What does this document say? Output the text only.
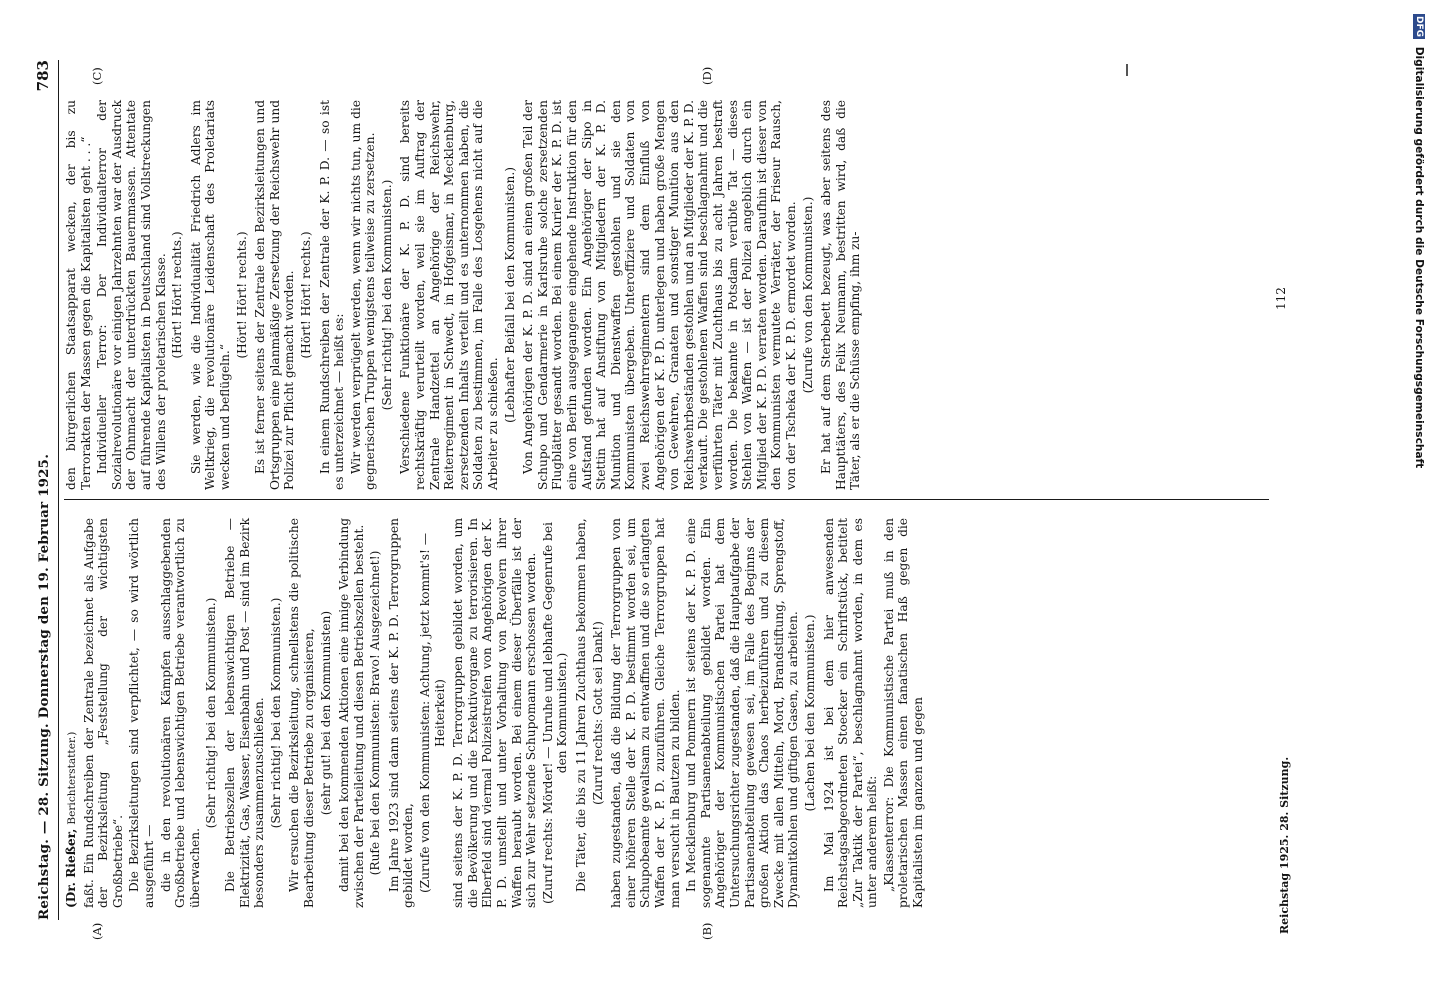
Reichstag. — 28. Sitzung. Donnerstag den 19. Februar 1925.
783

(Dr. Rießer, Berichterstatter.) faßt. Ein Rundschreiben der Zentrale bezeichnet als Aufgabe der Bezirksleitung „Feststellung der wichtigsten Großbetriebe“. Die Bezirksleitungen sind verpflichtet, — so wird wörtlich ausgeführt — die in den revolutionären Kämpfen ausschlaggebenden Großbetriebe und lebenswichtigen Betriebe verantwortlich zu überwachen.

(Sehr richtig! bei den Kommunisten.) Die Betriebszellen der lebenswichtigen Betriebe — Elektrizität, Gas, Wasser, Eisenbahn und Post — sind im Bezirk besonders zusammenzuschließen. (Sehr richtig! bei den Kommunisten.) Wir ersuchen die Bezirksleitung, schnellstens die politische Bearbeitung dieser Betriebe zu organisieren, (sehr gut! bei den Kommunisten) damit bei den kommenden Aktionen eine innige Verbindung zwischen der Parteileitung und diesen Betriebszellen besteht. (Rufe bei den Kommunisten: Bravo! Ausgezeichnet!) Im Jahre 1923 sind dann seitens der K. P. D. Terrorgruppen gebildet worden, (Zurufe von den Kommunisten: Achtung, jetzt kommt's! — Heiterkeit) sind seitens der K. P. D. Terrorgruppen gebildet worden, um die Bevölkerung und die Exekutivorgane zu terrorisieren. In Elberfeld sind viermal Polizeistreifen von Angehörigen der K. P. D. umstellt und unter Vorhaltung von Revolvern ihrer Waffen beraubt worden. Bei einem dieser Überfälle ist der sich zur Wehr setzende Schupomann erschossen worden. (Zuruf rechts: Mörder! — Unruhe und lebhafte Gegenrufe bei den Kommunisten.) Die Täter, die bis zu 11 Jahren Zuchthaus bekommen haben, (Zuruf rechts: Gott sei Dank!) haben zugestanden, daß die Bildung der Terrorgruppen von einer höheren Stelle der K. P. D. bestimmt worden sei, um Schupobeamte gewaltsam zu entwaffnen und die so erlangten Waffen der K. P. D. zuzuführen. Gleiche Terrorgruppen hat man versucht in Bautzen zu bilden. In Mecklenburg und Pommern ist seitens der K. P. D. eine sogenannte Partisanenabteilung gebildet worden. Ein Angehöriger der Kommunistischen Partei hat dem Untersuchungsrichter zugestanden, daß die Hauptaufgabe der Partisanenabteilung gewesen sei, im Falle des Beginns der großen Aktion das Chaos herbeizuführen und zu diesem Zwecke mit allen Mitteln, Mord, Brandstiftung, Sprengstoff, Dynamitkohlen und giftigen Gasen, zu arbeiten. (Lachen bei den Kommunisten.) Im Mai 1924 ist bei dem hier anwesenden Reichstagsabgeordneten Stoecker ein Schriftstück, betitelt „Zur Taktik der Partei“, beschlagnahmt worden, in dem es unter anderem heißt: „Klassenterror: Die Kommunistische Partei muß in den proletarischen Massen einen fanatischen Haß gegen die Kapitalisten im ganzen und gegen

den bürgerlichen Staatsapparat wecken, der bis zu Terrorakten der Massen gegen die Kapitalisten geht . . .“ Individueller Terror: Der Individualterror der Sozialrevolutionäre vor einigen Jahrzehnten war der Ausdruck der Ohnmacht der unterdrückten Bauernmassen. Attentate auf führende Kapitalisten in Deutschland sind Vollstreckungen des Willens der proletarischen Klasse. (Hört! Hört! rechts.) Sie werden, wie die Individualität Friedrich Adlers im Weltkrieg, die revolutionäre Leidenschaft des Proletariats wecken und beflügeln.“

(Hört! Hört! rechts.) Es ist ferner seitens der Zentrale den Bezirksleitungen und Ortsgruppen eine planmäßige Zersetzung der Reichswehr und Polizei zur Pflicht gemacht worden. (Hört! Hört! rechts.) In einem Rundschreiben der Zentrale der K. P. D. — so ist es unterzeichnet — heißt es: Wir werden verprügelt werden, wenn wir nichts tun, um die gegnerischen Truppen wenigstens teilweise zu zersetzen. (Sehr richtig! bei den Kommunisten.) Verschiedene Funktionäre der K. P. D. sind bereits rechtskräftig verurteilt worden, weil sie im Auftrag der Zentrale Handzettel an Angehörige der Reichswehr, Reiterregiment in Schwedt, in Hofgeismar, in Mecklenburg, zersetzenden Inhalts verteilt und es unternommen haben, die Soldaten zu bestimmen, im Falle des Losgehens nicht auf die Arbeiter zu schießen.

(Lebhafter Beifall bei den Kommunisten.) Von Angehörigen der K. P. D. sind an einen großen Teil der Schupo und Gendarmerie in Karlsruhe solche zersetzenden Flugblätter gesandt worden. Bei einem Kurier der K. P. D. ist eine von Berlin ausgegangene eingehende Instruktion für den Aufstand gefunden worden. Ein Angehöriger der Sipo in Stettin hat auf Anstiftung von Mitgliedern der K. P. D. Munition und Dienstwaffen gestohlen und sie den Kommunisten übergeben. Unteroffiziere und Soldaten von zwei Reichswehrregimentern sind dem Einfluß von Angehörigen der K. P. D. unterlegen und haben große Mengen von Gewehren, Granaten und sonstiger Munition aus den Reichswehrbeständen gestohlen und an Mitglieder der K. P. D. verkauft. Die gestohlenen Waffen sind beschlagnahmt und die verführten Täter mit Zuchthaus bis zu acht Jahren bestraft worden. Die bekannte in Potsdam verübte Tat — dieses Stehlen von Waffen — ist der Polizei angeblich durch ein Mitglied der K. P. D. verraten worden. Daraufhin ist dieser von den Kommunisten vermutete Verräter, der Friseur Rausch, von der Tscheka der K. P. D. ermordet worden. (Zurufe von den Kommunisten.) Er hat auf dem Sterbebett bezeugt, was aber seitens des Haupttäters, des Felix Neumann, bestritten wird, daß die Täter, als er die Schüsse empfing, ihm zu-

(A)	(B)
(C)	(D)
Reichstag 1925. 28. Sitzung.
112
DFG Digitalisierung gefördert durch die Deutsche Forschungsgemeinschaft
